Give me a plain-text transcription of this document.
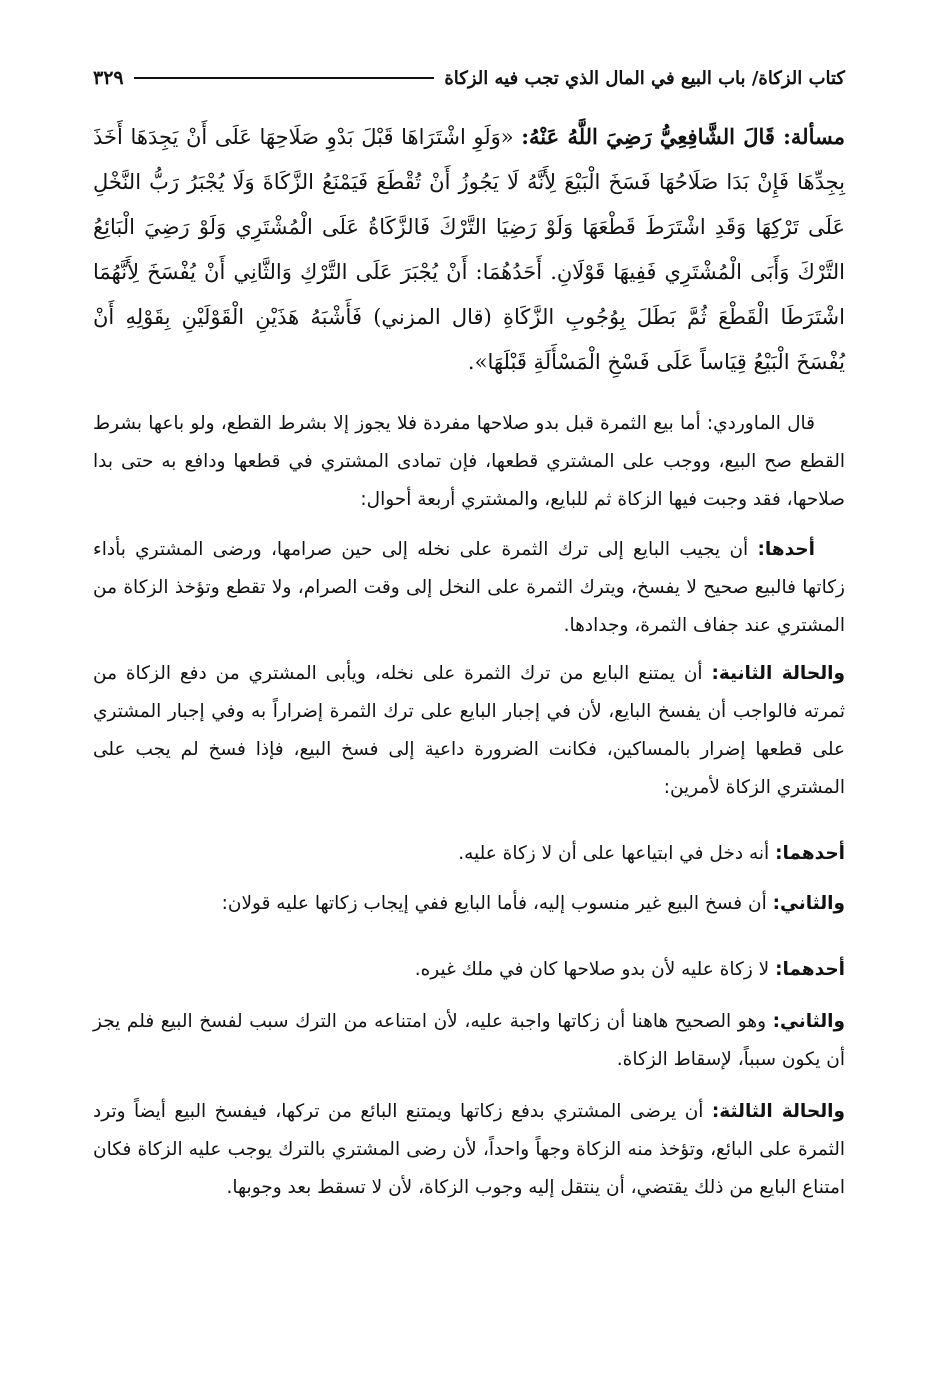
كتاب الزكاة/ باب البيع في المال الذي تجب فيه الزكاة
٣٢٩
مسألة: قَالَ الشَّافِعِيُّ رَضِيَ اللَّهُ عَنْهُ: «وَلَوِ اشْتَرَاهَا قَبْلَ بَدْوِ صَلَاحِهَا عَلَى أَنْ يَجِدَهَا أَخَذَ بِجِدِّهَا فَإِنْ بَدَا صَلَاحُهَا فَسَخَ الْبَيْعَ لِأَنَّهُ لَا يَجُوزُ أَنْ تُقْطَعَ فَيَمْنَعُ الزَّكَاةَ وَلَا يُجْبَرُ رَبُّ النَّخْلِ عَلَى تَرْكِهَا وَقَدِ اشْتَرَطَ قَطْعَهَا وَلَوْ رَضِيَا التَّرْكَ فَالزَّكَاةُ عَلَى الْمُشْتَرِي وَلَوْ رَضِيَ الْبَائِعُ التَّرْكَ وَأَبَى الْمُشْتَرِي فَفِيهَا قَوْلَانِ. أَحَدُهُمَا: أَنْ يُجْبَرَ عَلَى التَّرْكِ وَالثَّانِي أَنْ يُفْسَخَ لِأَنَّهُمَا اشْتَرَطَا الْقَطْعَ ثُمَّ بَطَلَ بِوُجُوبِ الزَّكَاةِ (قال المزني) فَأَشْبَهُ هَذَيْنِ الْقَوْلَيْنِ بِقَوْلِهِ أَنْ يُفْسَخَ الْبَيْعُ قِيَاساً عَلَى فَسْخِ الْمَسْأَلَةِ قَبْلَهَا».

قال الماوردي: أما بيع الثمرة قبل بدو صلاحها مفردة فلا يجوز إلا بشرط القطع، ولو باعها بشرط القطع صح البيع، ووجب على المشتري قطعها، فإن تمادى المشتري في قطعها ودافع به حتى بدا صلاحها، فقد وجبت فيها الزكاة ثم للبايع، والمشتري أربعة أحوال:

أحدها: أن يجيب البايع إلى ترك الثمرة على نخله إلى حين صرامها، ورضى المشتري بأداء زكاتها فالبيع صحيح لا يفسخ، ويترك الثمرة على النخل إلى وقت الصرام، ولا تقطع وتؤخذ الزكاة من المشتري عند جفاف الثمرة، وجدادها.

والحالة الثانية: أن يمتنع البايع من ترك الثمرة على نخله، ويأبى المشتري من دفع الزكاة من ثمرته فالواجب أن يفسخ البايع، لأن في إجبار البايع على ترك الثمرة إضراراً به وفي إجبار المشتري على قطعها إضرار بالمساكين، فكانت الضرورة داعية إلى فسخ البيع، فإذا فسخ لم يجب على المشتري الزكاة لأمرين:

أحدهما: أنه دخل في ابتياعها على أن لا زكاة عليه.

والثاني: أن فسخ البيع غير منسوب إليه، فأما البايع ففي إيجاب زكاتها عليه قولان:

أحدهما: لا زكاة عليه لأن بدو صلاحها كان في ملك غيره.

والثاني: وهو الصحيح هاهنا أن زكاتها واجبة عليه، لأن امتناعه من الترك سبب لفسخ البيع فلم يجز أن يكون سبباً، لإسقاط الزكاة.

والحالة الثالثة: أن يرضى المشتري بدفع زكاتها ويمتنع البائع من تركها، فيفسخ البيع أيضاً وترد الثمرة على البائع، وتؤخذ منه الزكاة وجهاً واحداً، لأن رضى المشتري بالترك يوجب عليه الزكاة فكان امتناع البايع من ذلك يقتضي، أن ينتقل إليه وجوب الزكاة، لأن لا تسقط بعد وجوبها.
